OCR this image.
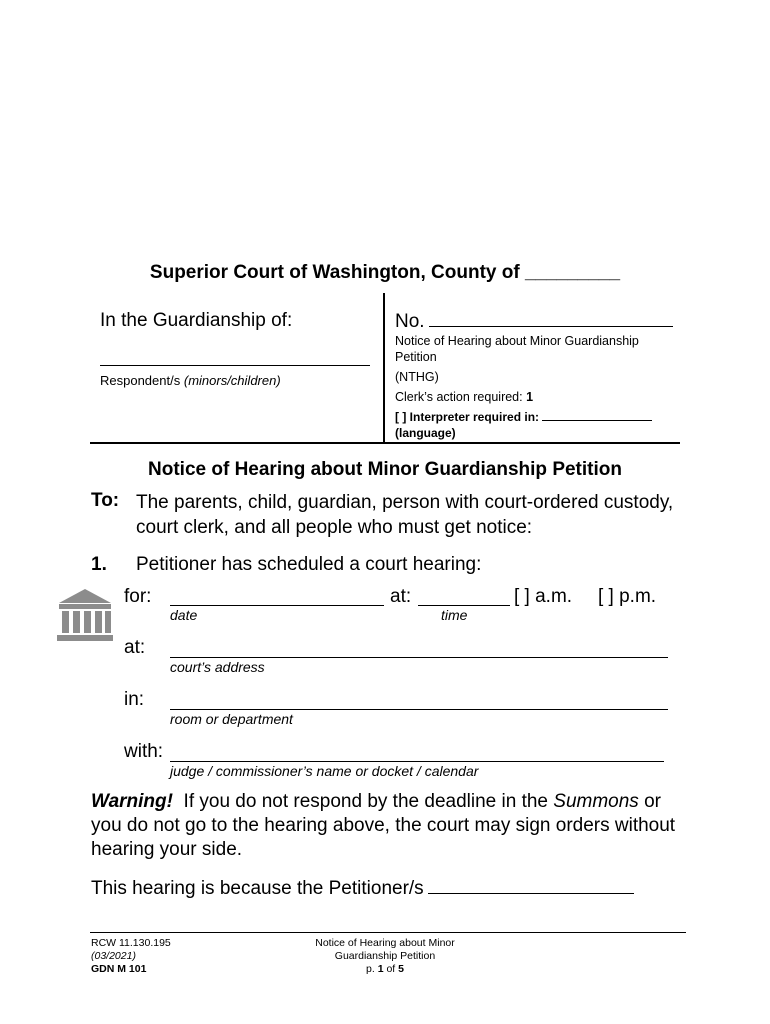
Superior Court of Washington, County of _________
In the Guardianship of:
Respondent/s (minors/children)
No.
Notice of Hearing about Minor Guardianship Petition
(NTHG)
Clerk’s action required: 1
[ ] Interpreter required in:
(language)
Notice of Hearing about Minor Guardianship Petition
To: The parents, child, guardian, person with court-ordered custody, court clerk, and all people who must get notice:
1. Petitioner has scheduled a court hearing:
for:	at:	[ ] a.m. [ ] p.m.
date	time
at:
court’s address
in:
room or department
with:
judge / commissioner’s name or docket / calendar
Warning! If you do not respond by the deadline in the Summons or you do not go to the hearing above, the court may sign orders without hearing your side.
This hearing is because the Petitioner/s
RCW 11.130.195
(03/2021)
GDN M 101
Notice of Hearing about Minor Guardianship Petition
p. 1 of 5
